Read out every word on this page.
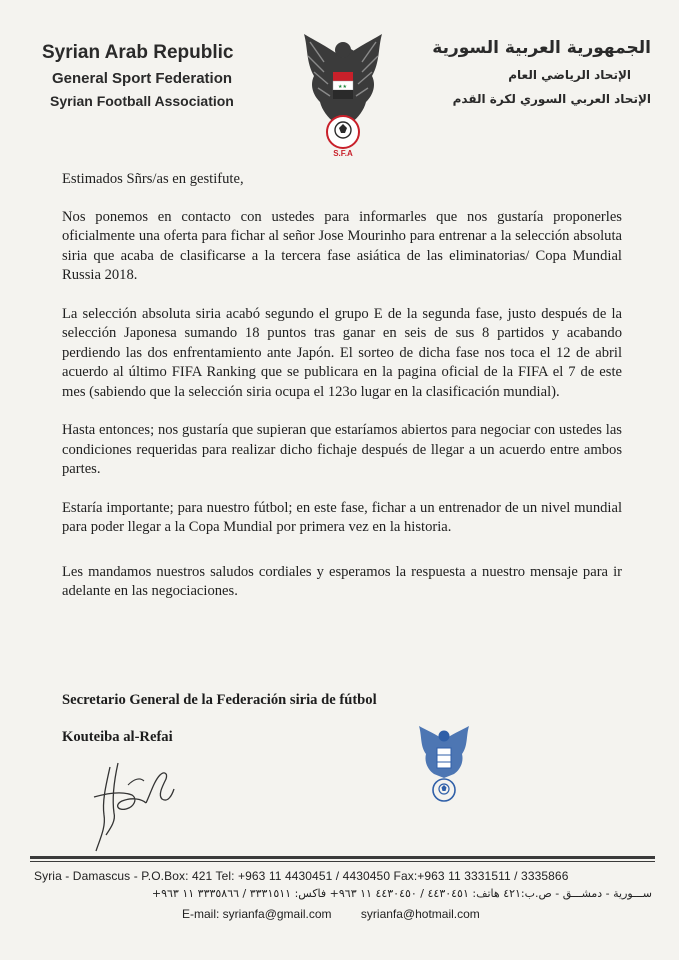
Syrian Arab Republic
General Sport Federation
Syrian Football Association
★★
S.F.A
الجمهورية العربية السورية
الإتحاد الرياضي العام
الإتحاد العربي السوري لكرة القدم

Estimados Sñrs/as en gestifute,

Nos ponemos en contacto con ustedes para informarles que nos gustaría proponerles oficialmente una oferta para fichar al señor Jose Mourinho para entrenar a la selección absoluta siria que acaba de clasificarse a la tercera fase asiática de las eliminatorias/ Copa Mundial Russia 2018.

La selección absoluta siria acabó segundo el grupo E de la segunda fase, justo después de la selección Japonesa sumando 18 puntos tras ganar en seis de sus 8 partidos y acabando perdiendo las dos enfrentamiento ante Japón. El sorteo de dicha fase nos toca el 12 de abril acuerdo al último FIFA Ranking que se publicara en la pagina oficial de la FIFA el 7 de este mes (sabiendo que la selección siria ocupa el 123o lugar en la clasificación mundial).

Hasta entonces; nos gustaría que supieran que estaríamos abiertos para negociar con ustedes las condiciones requeridas para realizar dicho fichaje después de llegar a un acuerdo entre ambos partes.

Estaría importante; para nuestro fútbol; en este fase, fichar a un entrenador de un nivel mundial para poder llegar a la Copa Mundial por primera vez en la historia.

Les mandamos nuestros saludos cordiales y esperamos la respuesta a nuestro mensaje para ir adelante en las negociaciones.

Secretario General de la Federación siria de fútbol
Kouteiba al-Refai
Syria - Damascus - P.O.Box: 421 Tel: +963 11 4430451 / 4430450 Fax:+963 11 3331511 / 3335866
ســـورية - دمشـــق - ص.ب:٤٢١ هاتف: ٤٤٣٠٤٥١ / ٤٤٣٠٤٥٠ ١١ ٩٦٣+ فاكس: ٣٣٣١٥١١ / ٣٣٣٥٨٦٦ ١١ ٩٦٣+
E-mail: syrianfa@gmail.com syrianfa@hotmail.com
